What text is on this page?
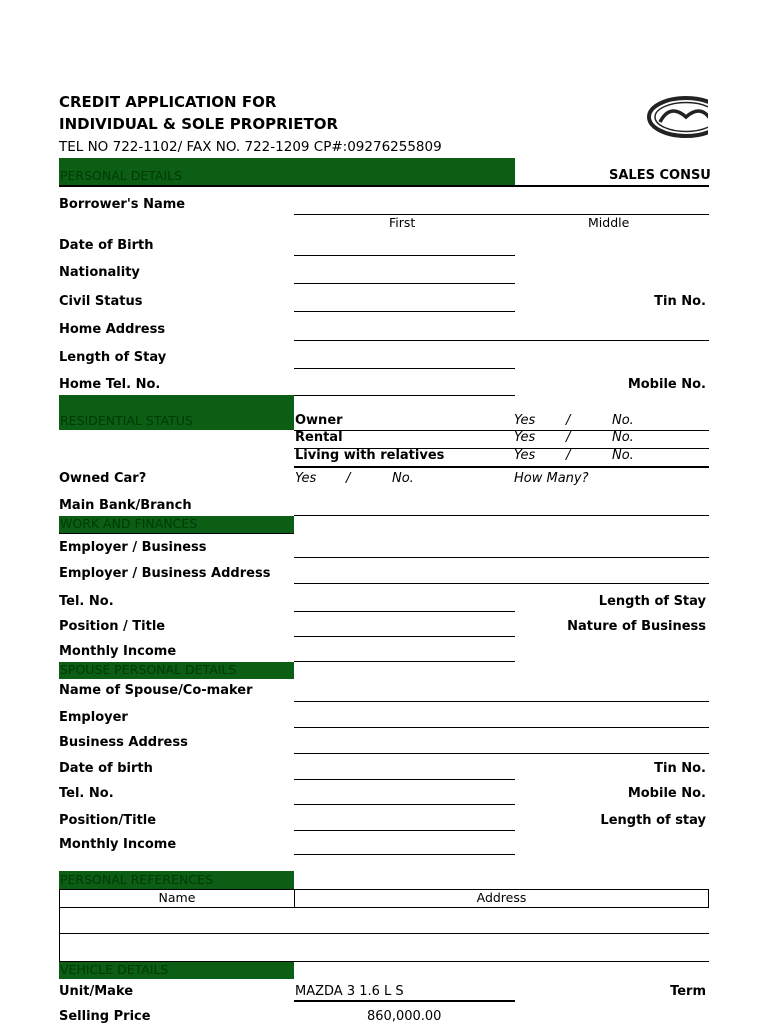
CREDIT APPLICATION FOR
INDIVIDUAL & SOLE PROPRIETOR
TEL NO 722-1102/ FAX NO. 722-1209 CP#:09276255809
PERSONAL DETAILS	SALES CONSU
Borrower's Name
First	Middle
Date of Birth
Nationality
Civil Status	Tin No.
Home Address
Length of Stay
Home Tel. No.	Mobile No.
RESIDENTIAL STATUS	Owner	Yes /	No.
Rental	Yes /	No.
Living with relatives	Yes /	No.
Owned Car?	Yes /	No.	How Many?
Main Bank/Branch
WORK AND FINANCES
Employer / Business
Employer / Business Address
Tel. No.	Length of Stay
Position / Title	Nature of Business
Monthly Income
SPOUSE PERSONAL DETAILS
Name of Spouse/Co-maker
Employer
Business Address
Date of birth	Tin No.
Tel. No.	Mobile No.
Position/Title	Length of stay
Monthly Income
PERSONAL REFERENCES
Name	Address
VEHICLE DETAILS
Unit/Make	MAZDA 3 1.6 L S	Term
Selling Price	860,000.00
